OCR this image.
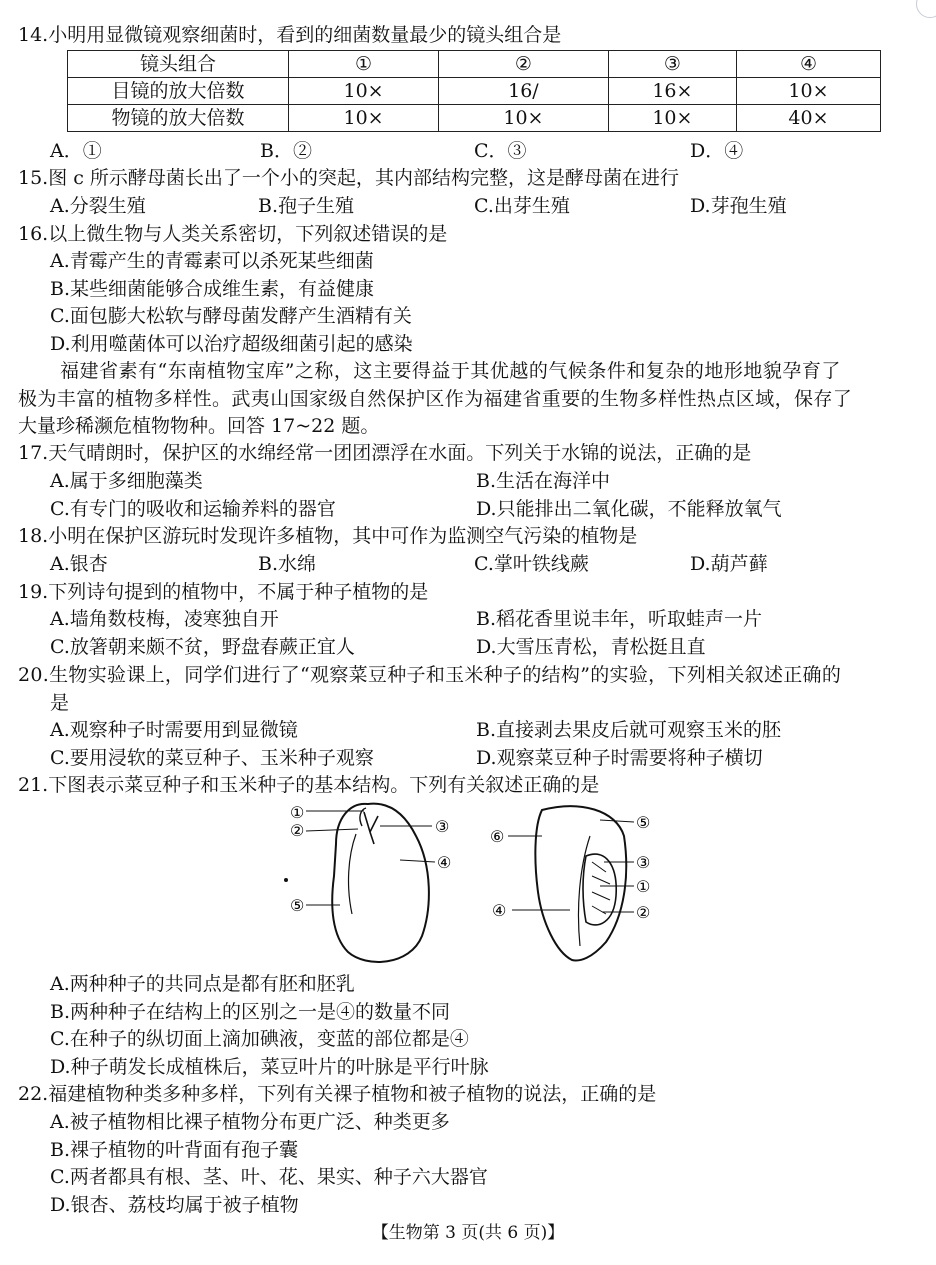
14.小明用显微镜观察细菌时，看到的细菌数量最少的镜头组合是
镜头组合	①	②	③	④
目镜的放大倍数	10×	16/	16×	10×
物镜的放大倍数	10×	10×	10×	40×
A．①	B．②	C．③	D．④
15.图 c 所示酵母菌长出了一个小的突起，其内部结构完整，这是酵母菌在进行
A.分裂生殖	B.孢子生殖	C.出芽生殖	D.芽孢生殖
16.以上微生物与人类关系密切，下列叙述错误的是
A.青霉产生的青霉素可以杀死某些细菌
B.某些细菌能够合成维生素，有益健康
C.面包膨大松软与酵母菌发酵产生酒精有关
D.利用噬菌体可以治疗超级细菌引起的感染
福建省素有“东南植物宝库”之称，这主要得益于其优越的气候条件和复杂的地形地貌孕育了
极为丰富的植物多样性。武夷山国家级自然保护区作为福建省重要的生物多样性热点区域，保存了
大量珍稀濒危植物物种。回答 17~22 题。
17.天气晴朗时，保护区的水绵经常一团团漂浮在水面。下列关于水锦的说法，正确的是
A.属于多细胞藻类	B.生活在海洋中
C.有专门的吸收和运输养料的器官	D.只能排出二氧化碳，不能释放氧气
18.小明在保护区游玩时发现许多植物，其中可作为监测空气污染的植物是
A.银杏	B.水绵	C.掌叶铁线蕨	D.葫芦藓
19.下列诗句提到的植物中，不属于种子植物的是
A.墙角数枝梅，凌寒独自开	B.稻花香里说丰年，听取蛙声一片
C.放箸朝来颇不贫，野盘春蕨正宜人	D.大雪压青松，青松挺且直
20.生物实验课上，同学们进行了“观察菜豆种子和玉米种子的结构”的实验，下列相关叙述正确的
是
A.观察种子时需要用到显微镜	B.直接剥去果皮后就可观察玉米的胚
C.要用浸软的菜豆种子、玉米种子观察	D.观察菜豆种子时需要将种子横切
21.下图表示菜豆种子和玉米种子的基本结构。下列有关叙述正确的是
①
②	③
④
⑤
⑥
⑤
③
①
④	②
A.两种种子的共同点是都有胚和胚乳
B.两种种子在结构上的区别之一是④的数量不同
C.在种子的纵切面上滴加碘液，变蓝的部位都是④
D.种子萌发长成植株后，菜豆叶片的叶脉是平行叶脉
22.福建植物种类多种多样，下列有关裸子植物和被子植物的说法，正确的是
A.被子植物相比裸子植物分布更广泛、种类更多
B.裸子植物的叶背面有孢子囊
C.两者都具有根、茎、叶、花、果实、种子六大器官
D.银杏、荔枝均属于被子植物
【生物第 3 页(共 6 页)】
